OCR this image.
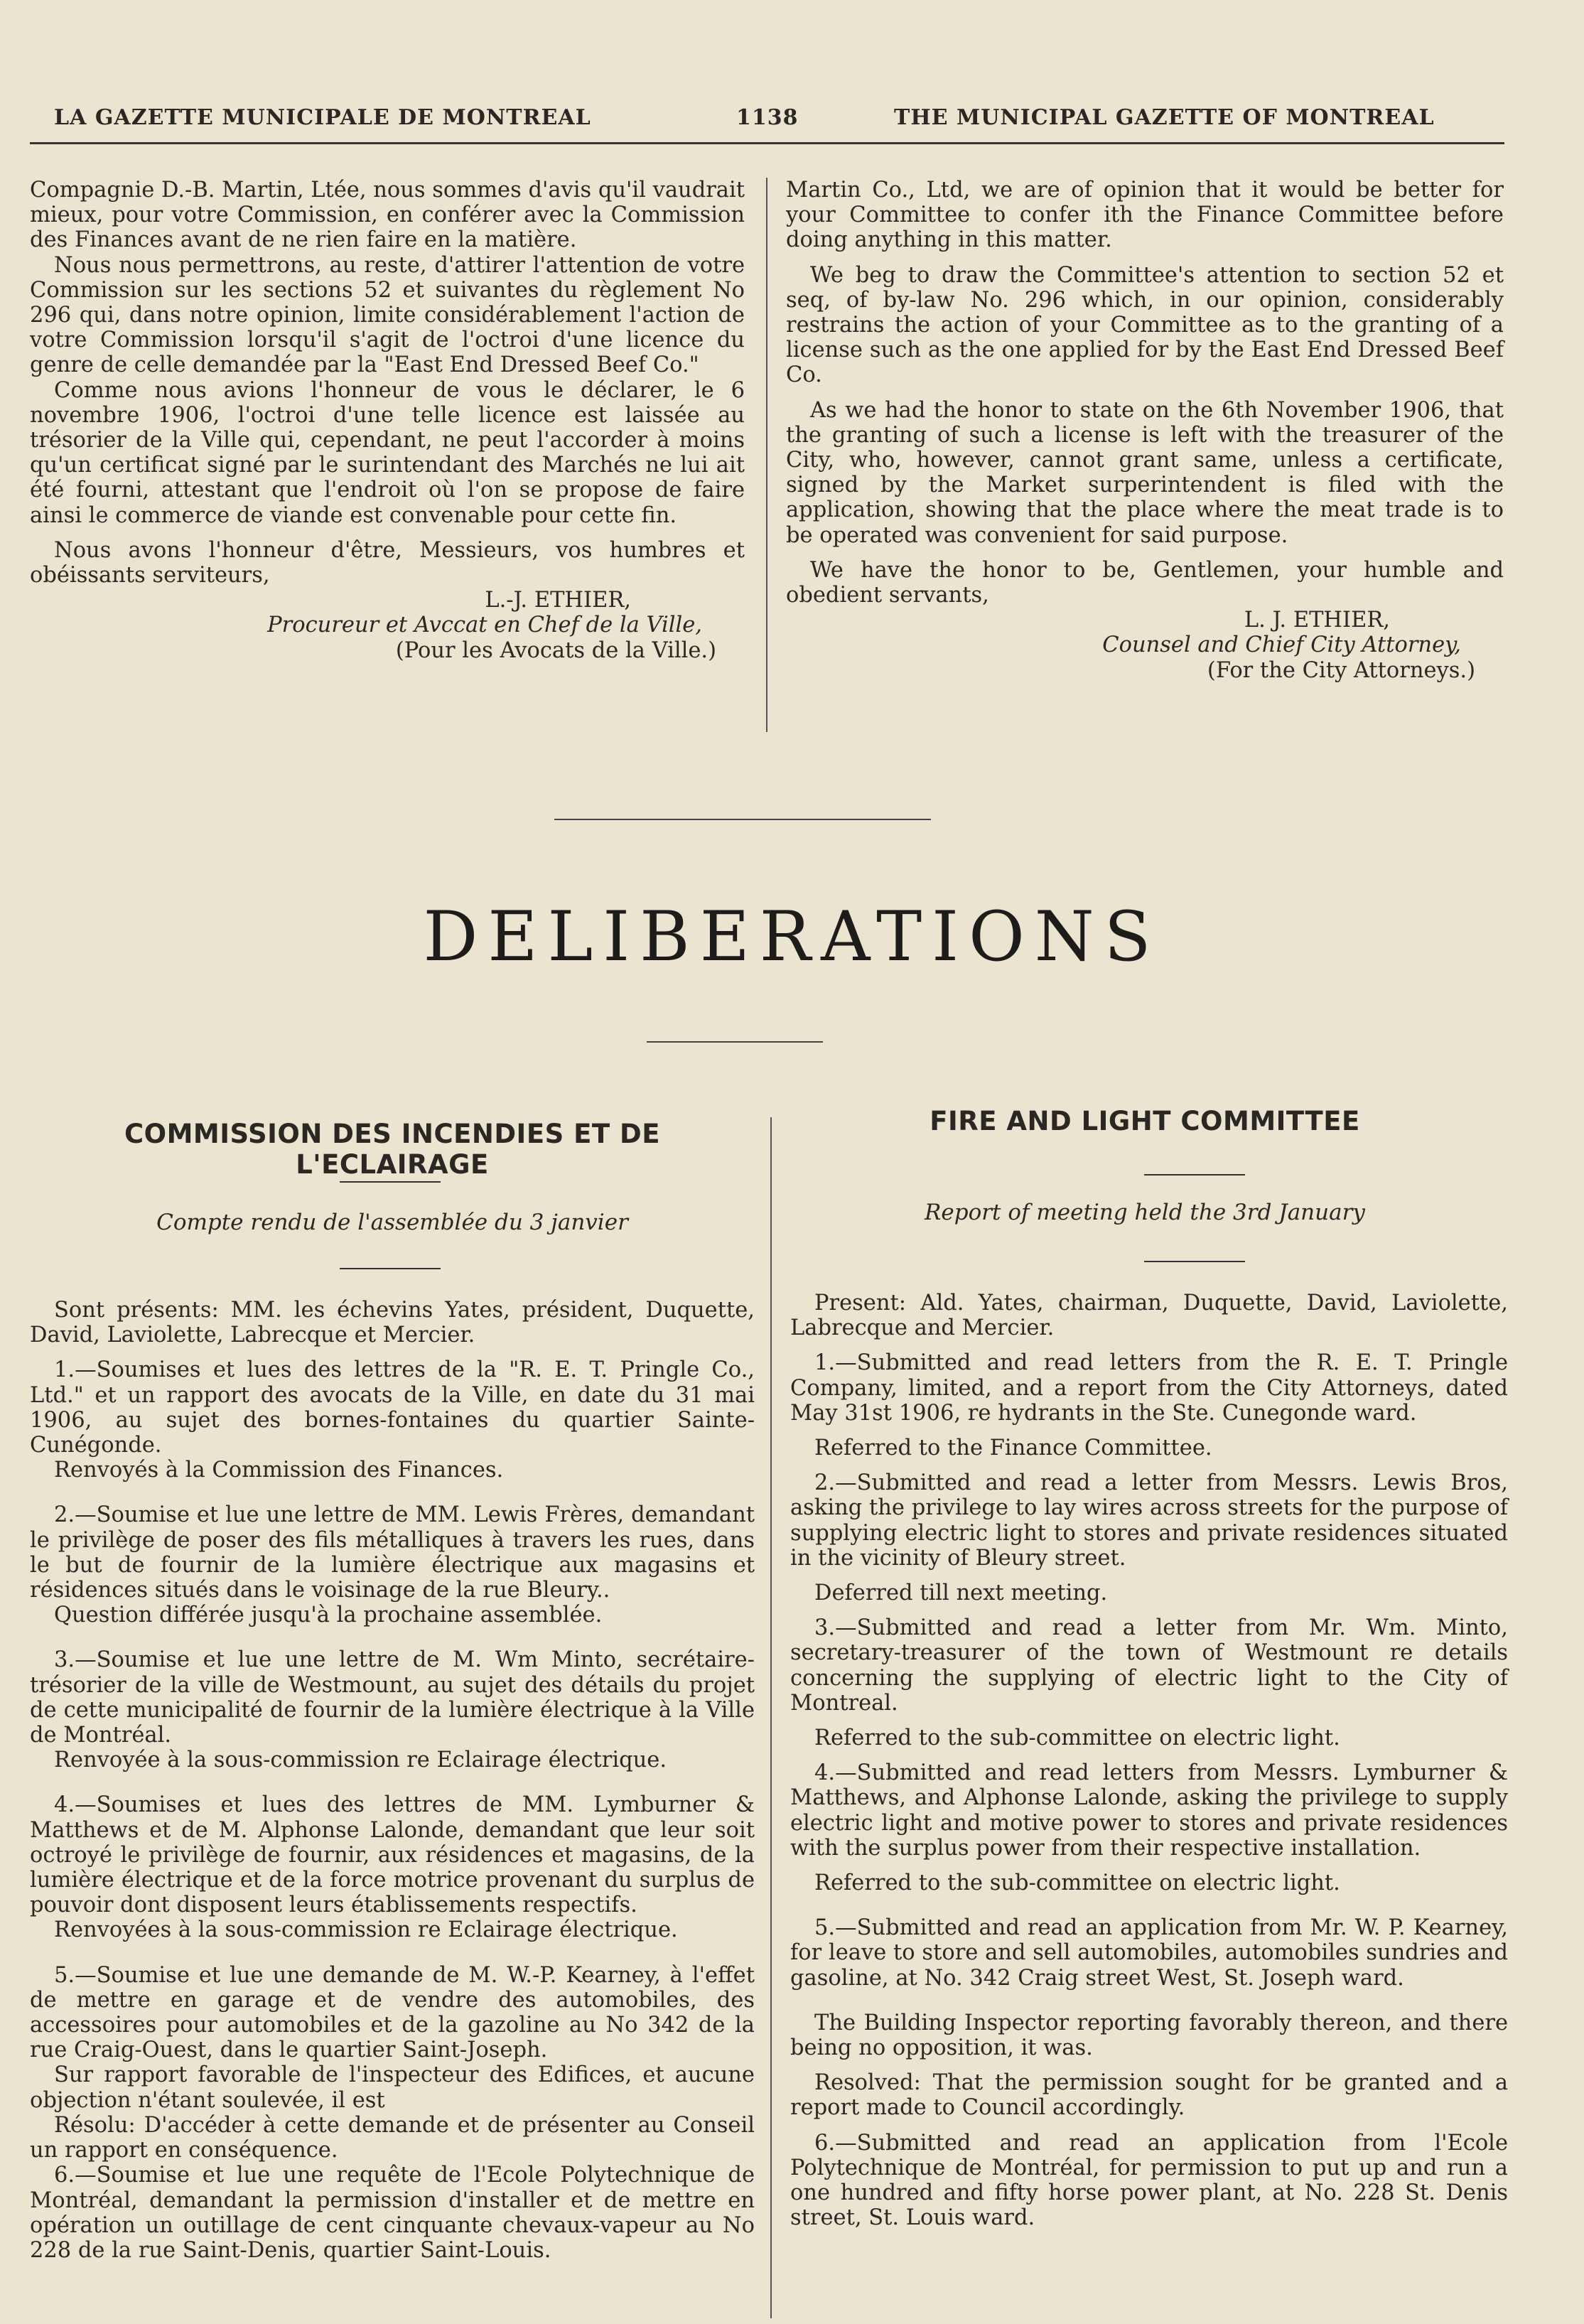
LA GAZETTE MUNICIPALE DE MONTREAL	1138	THE MUNICIPAL GAZETTE OF MONTREAL

Compagnie D.-B. Martin, Ltée, nous sommes d'avis qu'il vaudrait mieux, pour votre Commission, en conférer avec la Commission des Finances avant de ne rien faire en la matière.

Nous nous permettrons, au reste, d'attirer l'attention de votre Commission sur les sections 52 et suivantes du règlement No 296 qui, dans notre opinion, limite considérablement l'action de votre Commission lorsqu'il s'agit de l'octroi d'une licence du genre de celle demandée par la "East End Dressed Beef Co."

Comme nous avions l'honneur de vous le déclarer, le 6 novembre 1906, l'octroi d'une telle licence est laissée au trésorier de la Ville qui, cependant, ne peut l'accorder à moins qu'un certificat signé par le surintendant des Marchés ne lui ait été fourni, attestant que l'endroit où l'on se propose de faire ainsi le commerce de viande est convenable pour cette fin.

Nous avons l'honneur d'être, Messieurs, vos humbres et obéissants serviteurs,

L.-J. ETHIER,

Procureur et Avccat en Chef de la Ville,

(Pour les Avocats de la Ville.)

Martin Co., Ltd, we are of opinion that it would be better for your Committee to confer ith the Finance Committee before doing anything in this matter.

We beg to draw the Committee's attention to section 52 et seq, of by-law No. 296 which, in our opinion, considerably restrains the action of your Committee as to the granting of a license such as the one applied for by the East End Dressed Beef Co.

As we had the honor to state on the 6th November 1906, that the granting of such a license is left with the treasurer of the City, who, however, cannot grant same, unless a certificate, signed by the Market surperintendent is filed with the application, showing that the place where the meat trade is to be operated was convenient for said purpose.

We have the honor to be, Gentlemen, your humble and obedient servants,

L. J. ETHIER,

Counsel and Chief City Attorney,

(For the City Attorneys.)

DELIBERATIONS
COMMISSION DES INCENDIES ET DE L'ECLAIRAGE
Compte rendu de l'assemblée du 3 janvier

Sont présents: MM. les échevins Yates, président, Duquette, David, Laviolette, Labrecque et Mercier.

1.—Soumises et lues des lettres de la "R. E. T. Pringle Co., Ltd." et un rapport des avocats de la Ville, en date du 31 mai 1906, au sujet des bornes-fontaines du quartier Sainte-Cunégonde.

Renvoyés à la Commission des Finances.

2.—Soumise et lue une lettre de MM. Lewis Frères, demandant le privilège de poser des fils métalliques à travers les rues, dans le but de fournir de la lumière électrique aux magasins et résidences situés dans le voisinage de la rue Bleury..

Question différée jusqu'à la prochaine assemblée.

3.—Soumise et lue une lettre de M. Wm Minto, secrétaire-trésorier de la ville de Westmount, au sujet des détails du projet de cette municipalité de fournir de la lumière électrique à la Ville de Montréal.

Renvoyée à la sous-commission re Eclairage électrique.

4.—Soumises et lues des lettres de MM. Lymburner & Matthews et de M. Alphonse Lalonde, demandant que leur soit octroyé le privilège de fournir, aux résidences et magasins, de la lumière électrique et de la force motrice provenant du surplus de pouvoir dont disposent leurs établissements respectifs.

Renvoyées à la sous-commission re Eclairage électrique.

5.—Soumise et lue une demande de M. W.-P. Kearney, à l'effet de mettre en garage et de vendre des automobiles, des accessoires pour automobiles et de la gazoline au No 342 de la rue Craig-Ouest, dans le quartier Saint-Joseph.

Sur rapport favorable de l'inspecteur des Edifices, et aucune objection n'étant soulevée, il est

Résolu: D'accéder à cette demande et de présenter au Conseil un rapport en conséquence.

6.—Soumise et lue une requête de l'Ecole Polytechnique de Montréal, demandant la permission d'installer et de mettre en opération un outillage de cent cinquante chevaux-vapeur au No 228 de la rue Saint-Denis, quartier Saint-Louis.

FIRE AND LIGHT COMMITTEE
Report of meeting held the 3rd January

Present: Ald. Yates, chairman, Duquette, David, Laviolette, Labrecque and Mercier.

1.—Submitted and read letters from the R. E. T. Pringle Company, limited, and a report from the City Attorneys, dated May 31st 1906, re hydrants in the Ste. Cunegonde ward.

Referred to the Finance Committee.

2.—Submitted and read a letter from Messrs. Lewis Bros, asking the privilege to lay wires across streets for the purpose of supplying electric light to stores and private residences situated in the vicinity of Bleury street.

Deferred till next meeting.

3.—Submitted and read a letter from Mr. Wm. Minto, secretary-treasurer of the town of Westmount re details concerning the supplying of electric light to the City of Montreal.

Referred to the sub-committee on electric light.

4.—Submitted and read letters from Messrs. Lymburner & Matthews, and Alphonse Lalonde, asking the privilege to supply electric light and motive power to stores and private residences with the surplus power from their respective installation.

Referred to the sub-committee on electric light.

5.—Submitted and read an application from Mr. W. P. Kearney, for leave to store and sell automobiles, automobiles sundries and gasoline, at No. 342 Craig street West, St. Joseph ward.

The Building Inspector reporting favorably thereon, and there being no opposition, it was.

Resolved: That the permission sought for be granted and a report made to Council accordingly.

6.—Submitted and read an application from l'Ecole Polytechnique de Montréal, for permission to put up and run a one hundred and fifty horse power plant, at No. 228 St. Denis street, St. Louis ward.
